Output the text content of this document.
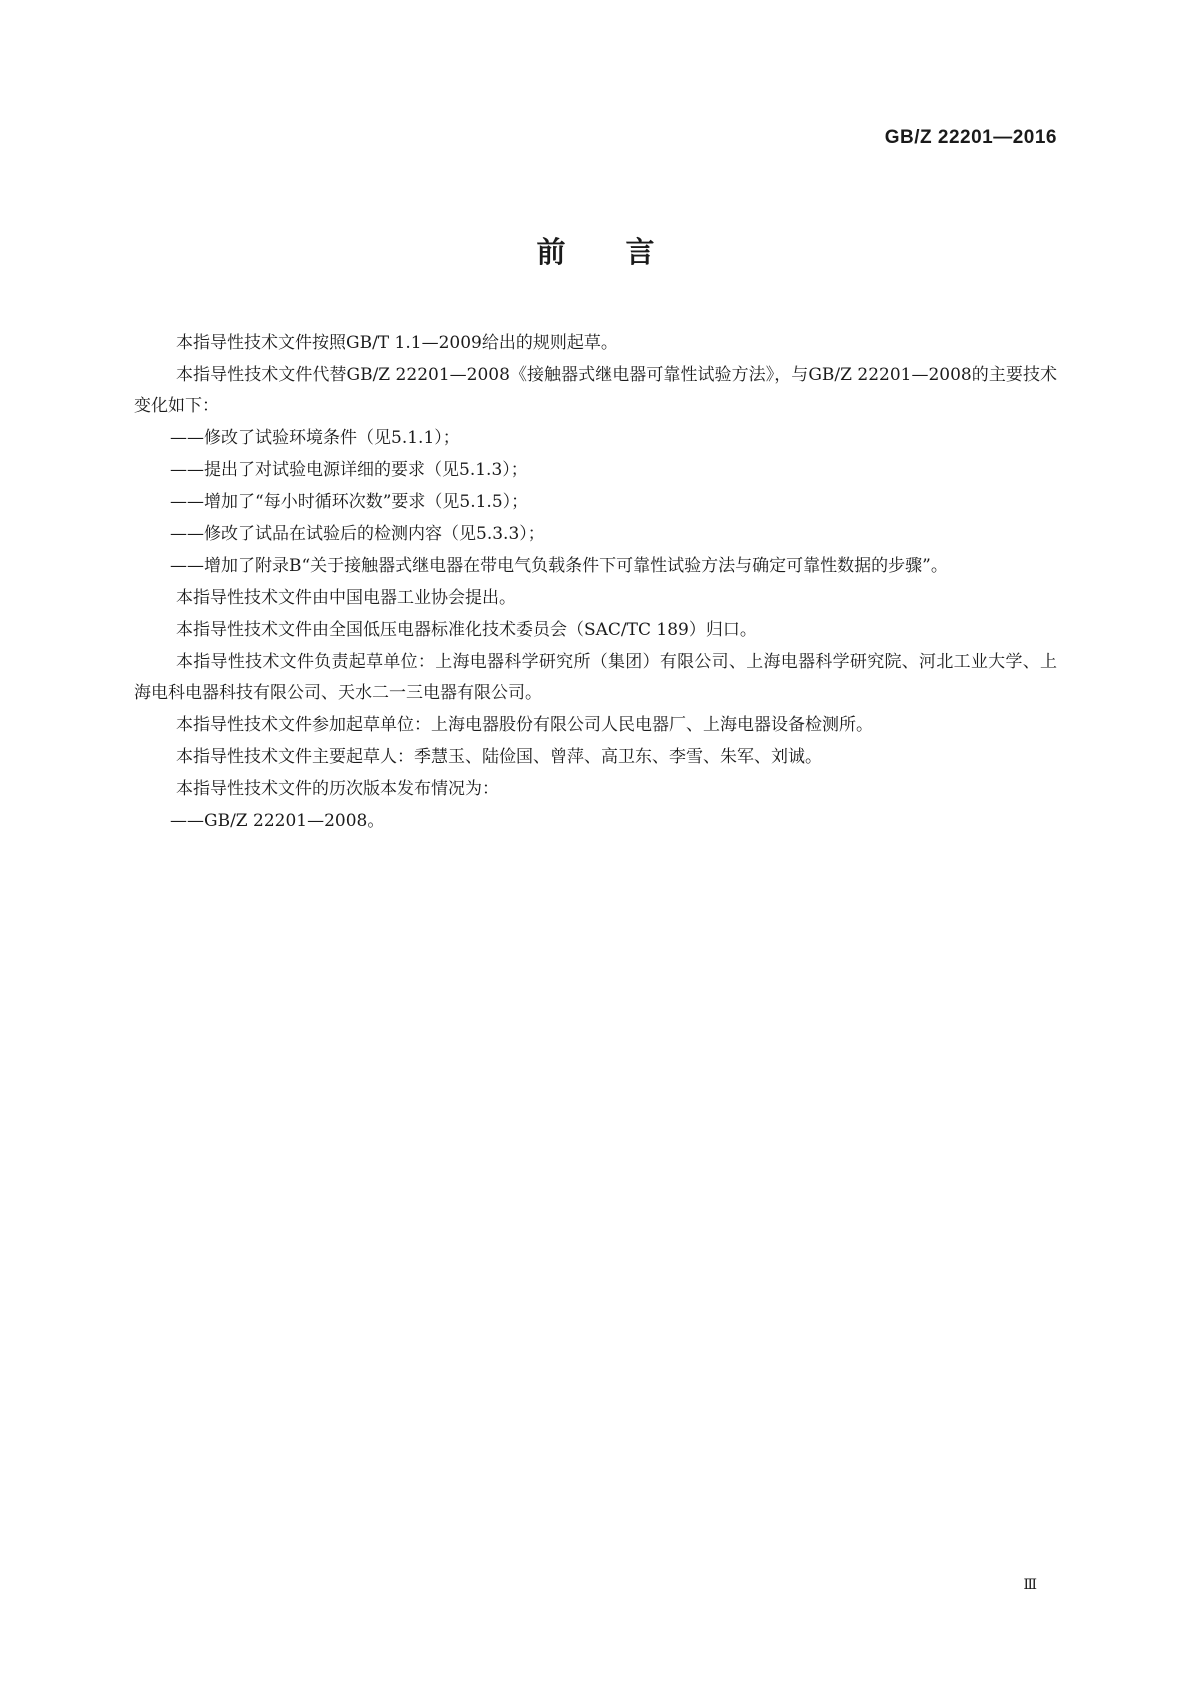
GB/Z 22201—2016
前言

本指导性技术文件按照GB/T 1.1—2009给出的规则起草。

本指导性技术文件代替GB/Z 22201—2008《接触器式继电器可靠性试验方法》，与GB/Z 22201—2008的主要技术变化如下：

——修改了试验环境条件（见5.1.1）；

——提出了对试验电源详细的要求（见5.1.3）；

——增加了“每小时循环次数”要求（见5.1.5）；

——修改了试品在试验后的检测内容（见5.3.3）；

——增加了附录B“关于接触器式继电器在带电气负载条件下可靠性试验方法与确定可靠性数据的步骤”。

本指导性技术文件由中国电器工业协会提出。

本指导性技术文件由全国低压电器标准化技术委员会（SAC/TC 189）归口。

本指导性技术文件负责起草单位：上海电器科学研究所（集团）有限公司、上海电器科学研究院、河北工业大学、上海电科电器科技有限公司、天水二一三电器有限公司。

本指导性技术文件参加起草单位：上海电器股份有限公司人民电器厂、上海电器设备检测所。

本指导性技术文件主要起草人：季慧玉、陆俭国、曾萍、高卫东、李雪、朱军、刘诚。

本指导性技术文件的历次版本发布情况为：

——GB/Z 22201—2008。

Ⅲ
